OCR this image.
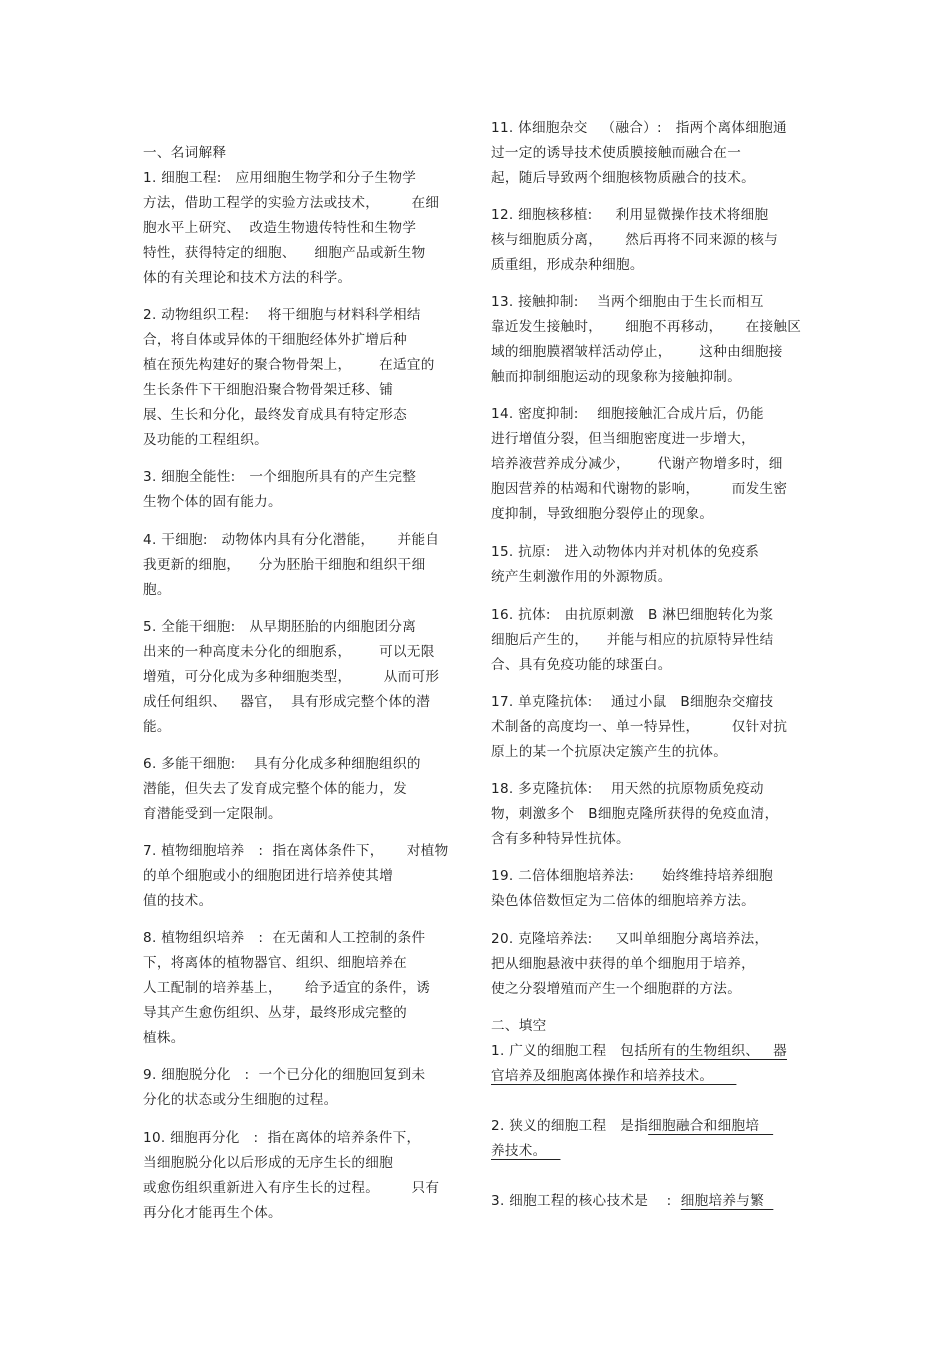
一、名词解释
1. 细胞工程:   应用细胞生物学和分子生物学
方法，借助工程学的实验方法或技术，       在细
胞水平上研究、  改造生物遗传特性和生物学
特性，获得特定的细胞、    细胞产品或新生物
体的有关理论和技术方法的科学。
2. 动物组织工程:    将干细胞与材料科学相结
合，将自体或异体的干细胞经体外扩增后种
植在预先构建好的聚合物骨架上，      在适宜的
生长条件下干细胞沿聚合物骨架迁移、铺
展、生长和分化，最终发育成具有特定形态
及功能的工程组织。
3. 细胞全能性:   一个细胞所具有的产生完整
生物个体的固有能力。
4. 干细胞:   动物体内具有分化潜能，     并能自
我更新的细胞，    分为胚胎干细胞和组织干细
胞。
5. 全能干细胞:   从早期胚胎的内细胞团分离
出来的一种高度未分化的细胞系，      可以无限
增殖，可分化成为多种细胞类型，       从而可形
成任何组织、   器官，  具有形成完整个体的潜
能。
6. 多能干细胞:    具有分化成多种细胞组织的
潜能，但失去了发育成完整个体的能力，发
育潜能受到一定限制。
7. 植物细胞培养   :  指在离体条件下，     对植物
的单个细胞或小的细胞团进行培养使其增
值的技术。
8. 植物组织培养   :  在无菌和人工控制的条件
下，将离体的植物器官、组织、细胞培养在
人工配制的培养基上，     给予适宜的条件，诱
导其产生愈伤组织、丛芽，最终形成完整的
植株。
9. 细胞脱分化   :  一个已分化的细胞回复到未
分化的状态或分生细胞的过程。
10. 细胞再分化   :  指在离体的培养条件下，
当细胞脱分化以后形成的无序生长的细胞
或愈伤组织重新进入有序生长的过程。       只有
再分化才能再生个体。
11. 体细胞杂交   （融合）:   指两个离体细胞通
过一定的诱导技术使质膜接触而融合在一
起，随后导致两个细胞核物质融合的技术。
12. 细胞核移植:     利用显微操作技术将细胞
核与细胞质分离，     然后再将不同来源的核与
质重组，形成杂种细胞。
13. 接触抑制:    当两个细胞由于生长而相互
靠近发生接触时，     细胞不再移动，     在接触区
域的细胞膜褶皱样活动停止，      这种由细胞接
触而抑制细胞运动的现象称为接触抑制。
14. 密度抑制:    细胞接触汇合成片后，仍能
进行增值分裂，但当细胞密度进一步增大，
培养液营养成分减少，      代谢产物增多时，细
胞因营养的枯竭和代谢物的影响，       而发生密
度抑制，导致细胞分裂停止的现象。
15. 抗原:   进入动物体内并对机体的免疫系
统产生刺激作用的外源物质。
16. 抗体:   由抗原刺激   B 淋巴细胞转化为浆
细胞后产生的，    并能与相应的抗原特异性结
合、具有免疫功能的球蛋白。
17. 单克隆抗体:    通过小鼠   B细胞杂交瘤技
术制备的高度均一、单一特异性，       仅针对抗
原上的某一个抗原决定簇产生的抗体。
18. 多克隆抗体:    用天然的抗原物质免疫动
物，刺激多个   B细胞克隆所获得的免疫血清，
含有多种特异性抗体。
19. 二倍体细胞培养法:      始终维持培养细胞
染色体倍数恒定为二倍体的细胞培养方法。
20. 克隆培养法:     又叫单细胞分离培养法，
把从细胞悬液中获得的单个细胞用于培养，
使之分裂增殖而产生一个细胞群的方法。
二、填空
1. 广义的细胞工程   包括所有的生物组织、   器
官培养及细胞离体操作和培养技术。
2. 狭义的细胞工程   是指细胞融合和细胞培
养技术。
3. 细胞工程的核心技术是    :  细胞培养与繁
